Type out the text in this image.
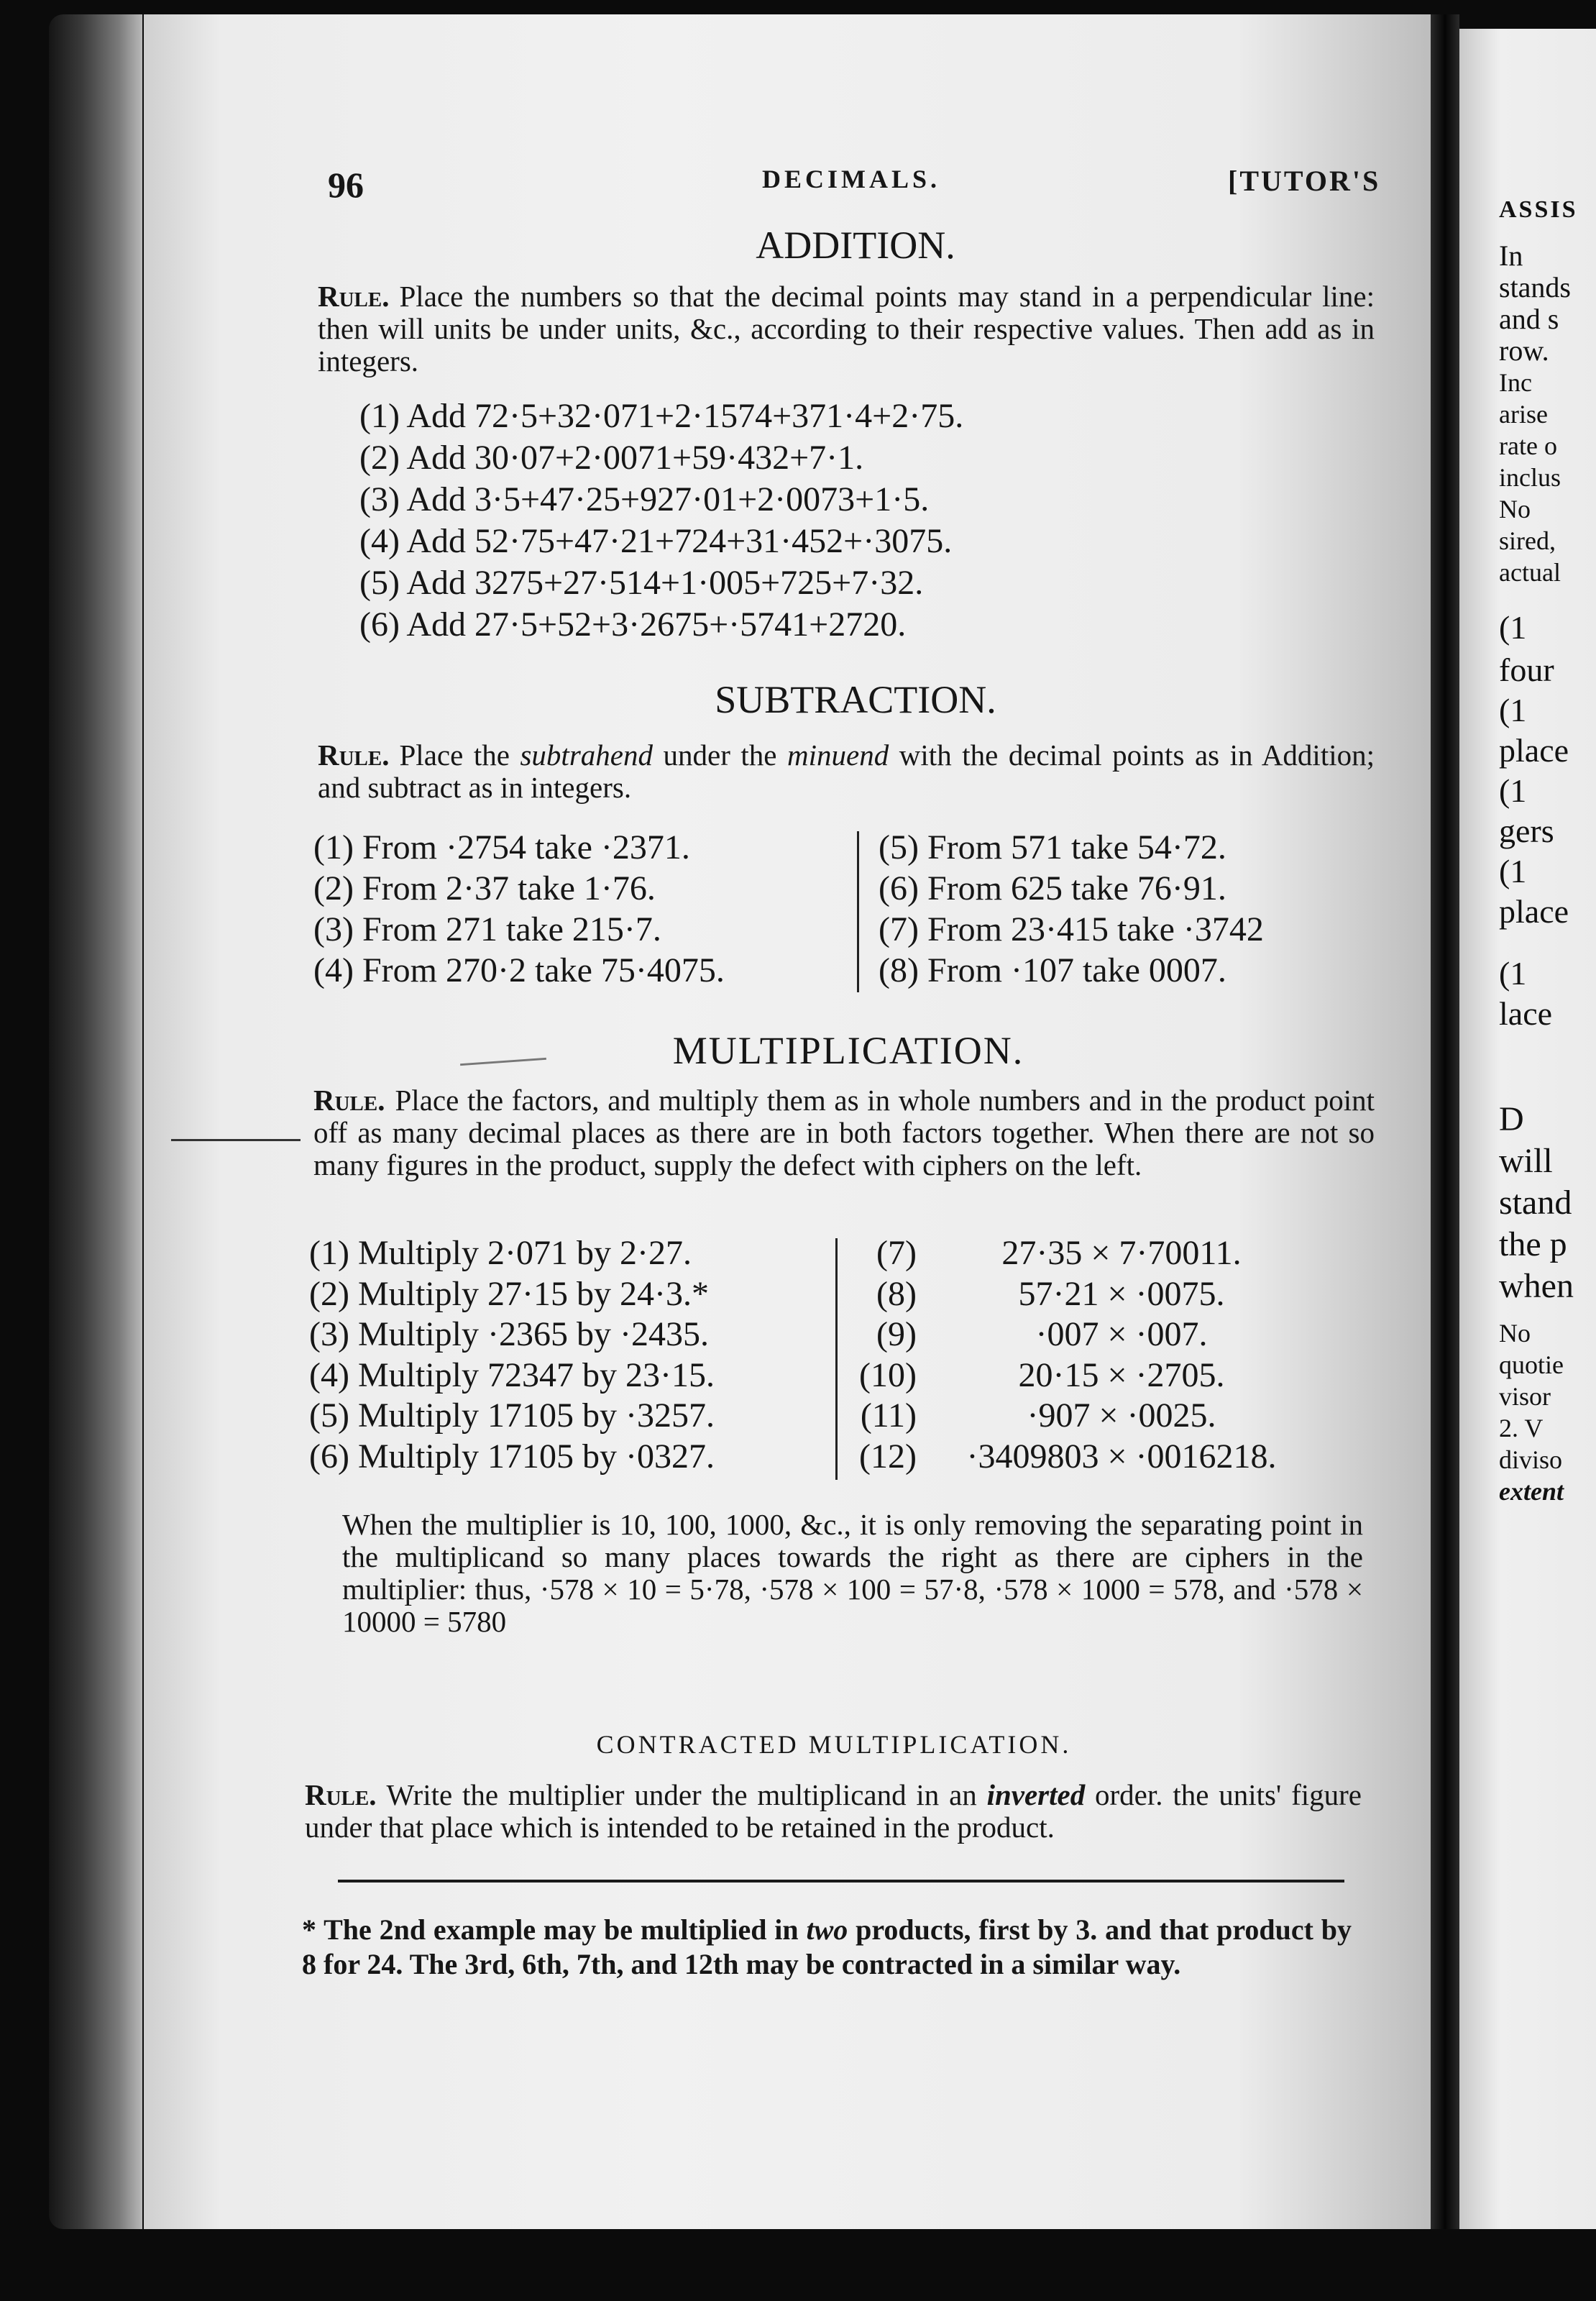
96	DECIMALS.	[TUTOR'S
ADDITION.
Rule. Place the numbers so that the decimal points may stand in a perpendicular line: then will units be under units, &c., according to their respective values. Then add as in integers.
(1) Add 72·5+32·071+2·1574+371·4+2·75.
(2) Add 30·07+2·0071+59·432+7·1.
(3) Add 3·5+47·25+927·01+2·0073+1·5.
(4) Add 52·75+47·21+724+31·452+·3075.
(5) Add 3275+27·514+1·005+725+7·32.
(6) Add 27·5+52+3·2675+·5741+2720.
SUBTRACTION.
Rule. Place the subtrahend under the minuend with the decimal points as in Addition; and subtract as in integers.
(1) From ·2754 take ·2371.
(2) From 2·37 take 1·76.
(3) From 271 take 215·7.
(4) From 270·2 take 75·4075.
(5) From 571 take 54·72.
(6) From 625 take 76·91.
(7) From 23·415 take ·3742
(8) From ·107 take 0007.
MULTIPLICATION.
Rule. Place the factors, and multiply them as in whole numbers and in the product point off as many decimal places as there are in both factors together. When there are not so many figures in the product, supply the defect with ciphers on the left.
(1) Multiply 2·071 by 2·27.
(2) Multiply 27·15 by 24·3.*
(3) Multiply ·2365 by ·2435.
(4) Multiply 72347 by 23·15.
(5) Multiply 17105 by ·3257.
(6) Multiply 17105 by ·0327.
(7)
(8)
(9)
(10)
(11)
(12)
27·35 × 7·70011.
57·21 × ·0075.
·007 × ·007.
20·15 × ·2705.
·907 × ·0025.
·3409803 × ·0016218.
When the multiplier is 10, 100, 1000, &c., it is only removing the separating point in the multiplicand so many places towards the right as there are ciphers in the multiplier: thus, ·578 × 10 = 5·78, ·578 × 100 = 57·8, ·578 × 1000 = 578, and ·578 × 10000 = 5780
CONTRACTED MULTIPLICATION.
Rule. Write the multiplier under the multiplicand in an inverted order. the units' figure under that place which is intended to be retained in the product.
* The 2nd example may be multiplied in two products, first by 3. and that product by 8 for 24. The 3rd, 6th, 7th, and 12th may be contracted in a similar way.
ASSIS
In
stands
and s
row.
Inc
arise
rate o
inclus
No
sired,
actual
(1
four
(1
place
(1
gers
(1
place
(1
lace
D
will
stand
the p
when
No
quotie
visor
2. V
diviso
extent
